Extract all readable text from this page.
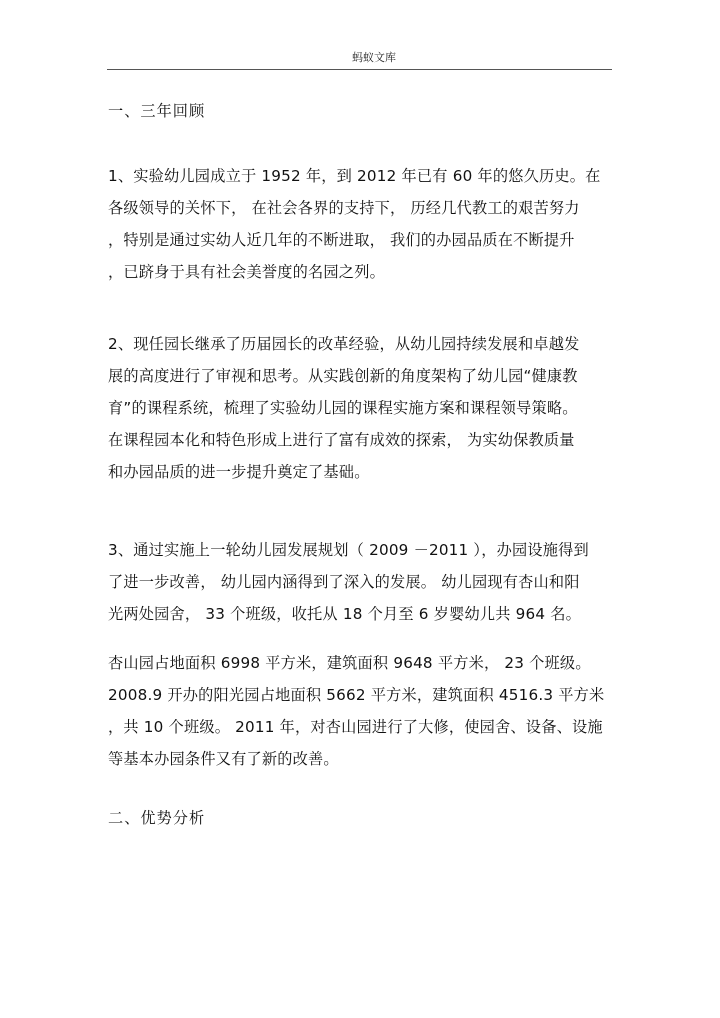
蚂蚁文库
一、三年回顾

1、实验幼儿园成立于 1952 年，到 2012 年已有 60 年的悠久历史。在

各级领导的关怀下， 在社会各界的支持下， 历经几代教工的艰苦努力

，特别是通过实幼人近几年的不断进取， 我们的办园品质在不断提升

，已跻身于具有社会美誉度的名园之列。

2、现任园长继承了历届园长的改革经验，从幼儿园持续发展和卓越发

展的高度进行了审视和思考。从实践创新的角度架构了幼儿园“健康教

育”的课程系统，梳理了实验幼儿园的课程实施方案和课程领导策略。

在课程园本化和特色形成上进行了富有成效的探索， 为实幼保教质量

和办园品质的进一步提升奠定了基础。

3、通过实施上一轮幼儿园发展规划（ 2009 －2011 ），办园设施得到

了进一步改善， 幼儿园内涵得到了深入的发展。 幼儿园现有杏山和阳

光两处园舍， 33 个班级，收托从 18 个月至 6 岁婴幼儿共 964 名。

杏山园占地面积 6998 平方米，建筑面积 9648 平方米， 23 个班级。

2008.9 开办的阳光园占地面积 5662 平方米，建筑面积 4516.3 平方米

，共 10 个班级。 2011 年，对杏山园进行了大修，使园舍、设备、设施

等基本办园条件又有了新的改善。

二、优势分析
